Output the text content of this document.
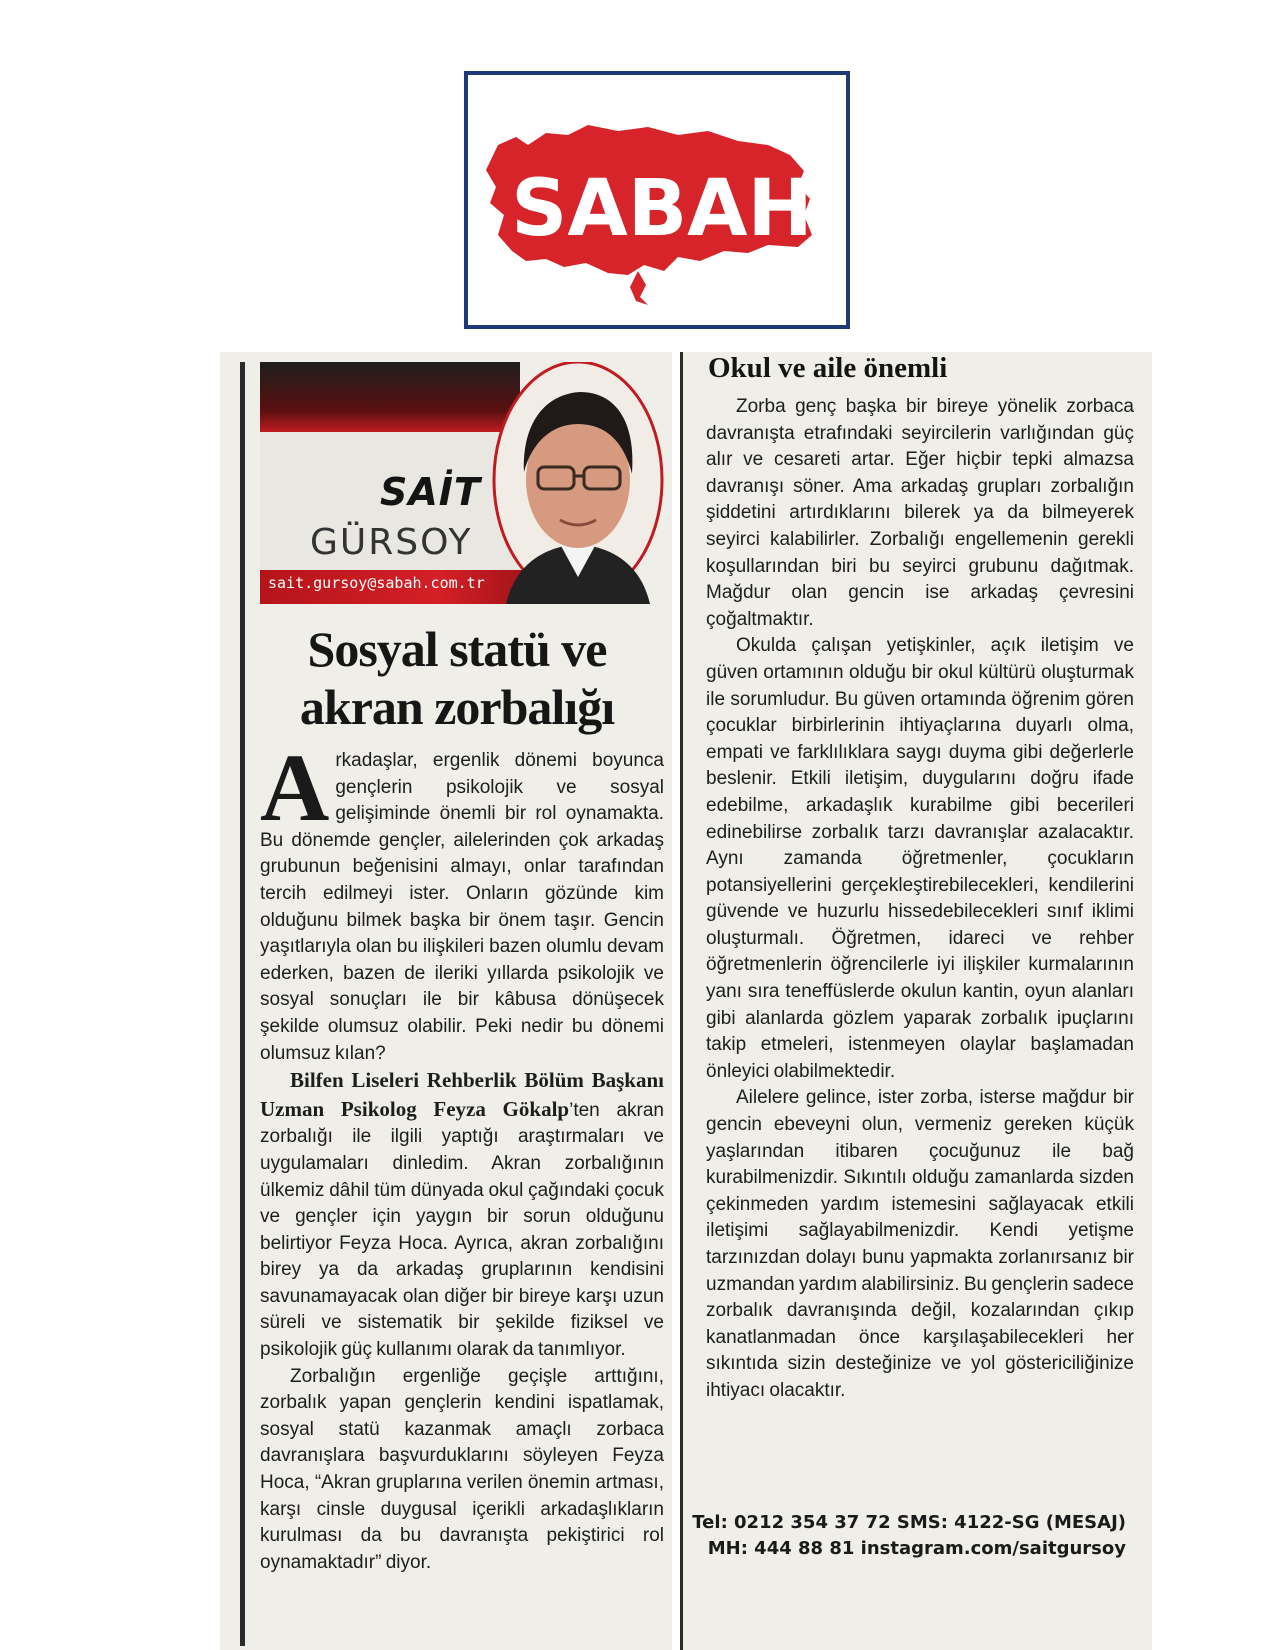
SABAH
SAİT
GÜRSOY
sait.gursoy@sabah.com.tr
Sosyal statü ve
akran zorbalığı

Arkadaşlar, ergenlik dönemi boyunca gençlerin psikolojik ve sosyal gelişiminde önemli bir rol oynamakta. Bu dönemde gençler, ailelerinden çok arkadaş grubunun beğenisini almayı, onlar tarafından tercih edilmeyi ister. Onların gözünde kim olduğunu bilmek başka bir önem taşır. Gencin yaşıtlarıyla olan bu ilişkileri bazen olumlu devam ederken, bazen de ileriki yıllarda psikolojik ve sosyal sonuçları ile bir kâbusa dönüşecek şekilde olumsuz olabilir. Peki nedir bu dönemi olumsuz kılan?

Bilfen Liseleri Rehberlik Bölüm Başkanı Uzman Psikolog Feyza Gökalp’ten akran zorbalığı ile ilgili yaptığı araştırmaları ve uygulamaları dinledim. Akran zorbalığının ülkemiz dâhil tüm dünyada okul çağındaki çocuk ve gençler için yaygın bir sorun olduğunu belirtiyor Feyza Hoca. Ayrıca, akran zorbalığını birey ya da arkadaş gruplarının kendisini savunamayacak olan diğer bir bireye karşı uzun süreli ve sistematik bir şekilde fiziksel ve psikolojik güç kullanımı olarak da tanımlıyor.

Zorbalığın ergenliğe geçişle arttığını, zorbalık yapan gençlerin kendini ispatlamak, sosyal statü kazanmak amaçlı zorbaca davranışlara başvurduklarını söyleyen Feyza Hoca, “Akran gruplarına verilen önemin artması, karşı cinsle duygusal içerikli arkadaşlıkların kurulması da bu davranışta pekiştirici rol oynamaktadır” diyor.

Okul ve aile önemli

Zorba genç başka bir bireye yönelik zorbaca davranışta etrafındaki seyircilerin varlığından güç alır ve cesareti artar. Eğer hiçbir tepki almazsa davranışı söner. Ama arkadaş grupları zorbalığın şiddetini artırdıklarını bilerek ya da bilmeyerek seyirci kalabilirler. Zorbalığı engellemenin gerekli koşullarından biri bu seyirci grubunu dağıtmak. Mağdur olan gencin ise arkadaş çevresini çoğaltmaktır.

Okulda çalışan yetişkinler, açık iletişim ve güven ortamının olduğu bir okul kültürü oluşturmak ile sorumludur. Bu güven ortamında öğrenim gören çocuklar birbirlerinin ihtiyaçlarına duyarlı olma, empati ve farklılıklara saygı duyma gibi değerlerle beslenir. Etkili iletişim, duygularını doğru ifade edebilme, arkadaşlık kurabilme gibi becerileri edinebilirse zorbalık tarzı davranışlar azalacaktır. Aynı zamanda öğretmenler, çocukların potansiyellerini gerçekleştirebilecekleri, kendilerini güvende ve huzurlu hissedebilecekleri sınıf iklimi oluşturmalı. Öğretmen, idareci ve rehber öğretmenlerin öğrencilerle iyi ilişkiler kurmalarının yanı sıra teneffüslerde okulun kantin, oyun alanları gibi alanlarda gözlem yaparak zorbalık ipuçlarını takip etmeleri, istenmeyen olaylar başlamadan önleyici olabilmektedir.

Ailelere gelince, ister zorba, isterse mağdur bir gencin ebeveyni olun, vermeniz gereken küçük yaşlarından itibaren çocuğunuz ile bağ kurabilmenizdir. Sıkıntılı olduğu zamanlarda sizden çekinmeden yardım istemesini sağlayacak etkili iletişimi sağlayabilmenizdir. Kendi yetişme tarzınızdan dolayı bunu yapmakta zorlanırsanız bir uzmandan yardım alabilirsiniz. Bu gençlerin sadece zorbalık davranışında değil, kozalarından çıkıp kanatlanmadan önce karşılaşabilecekleri her sıkıntıda sizin desteğinize ve yol göstericiliğinize ihtiyacı olacaktır.

Tel: 0212 354 37 72 SMS: 4122-SG (MESAJ)
MH: 444 88 81 instagram.com/saitgursoy
